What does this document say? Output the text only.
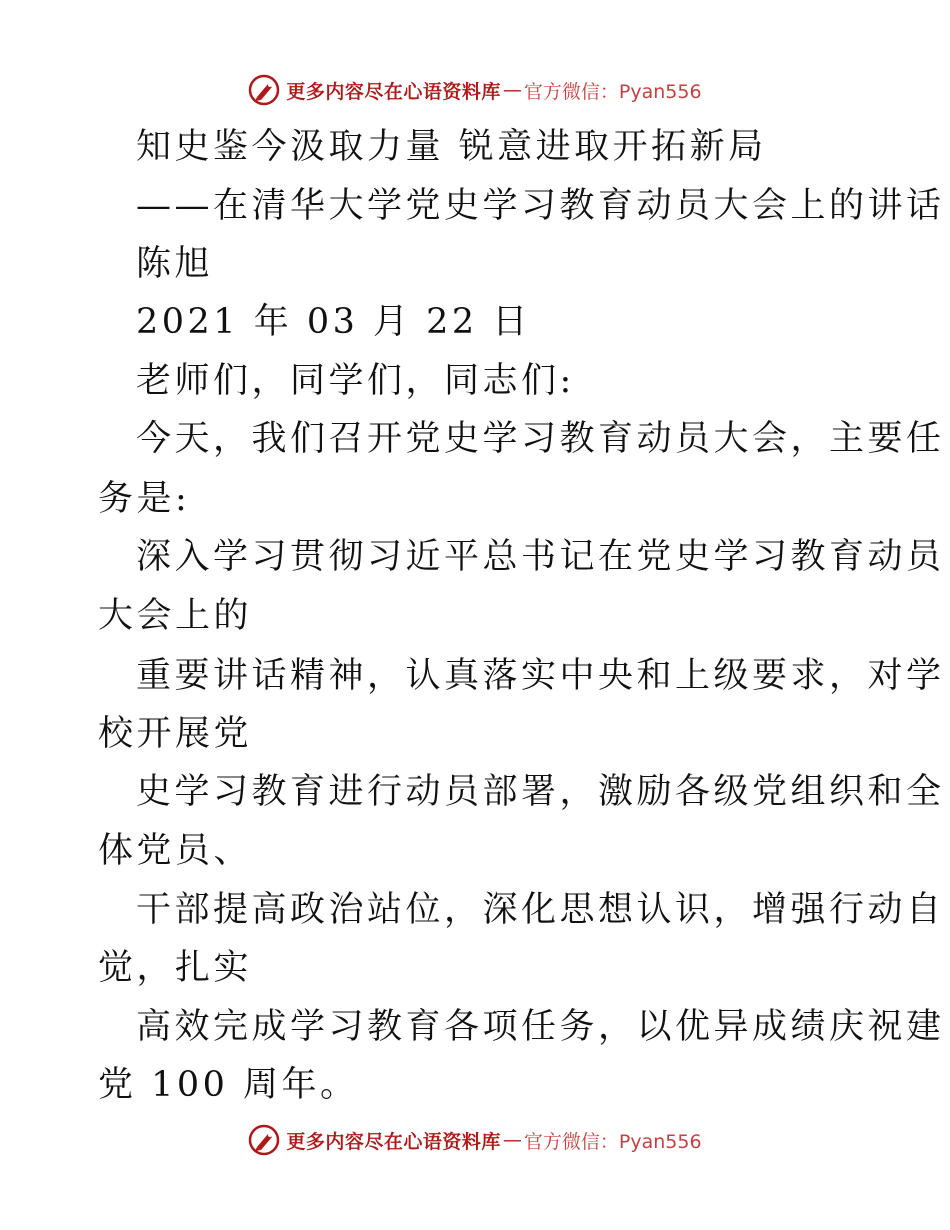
更多内容尽在心语资料库 — 官方微信：Pyan556
知史鉴今汲取力量 锐意进取开拓新局
——在清华大学党史学习教育动员大会上的讲话
陈旭
2021 年 03 月 22 日
老师们，同学们，同志们:
今天，我们召开党史学习教育动员大会，主要任
务是:
深入学习贯彻习近平总书记在党史学习教育动员
大会上的
重要讲话精神，认真落实中央和上级要求，对学
校开展党
史学习教育进行动员部署，激励各级党组织和全
体党员、
干部提高政治站位，深化思想认识，增强行动自
觉，扎实
高效完成学习教育各项任务，以优异成绩庆祝建
党 100 周年。
更多内容尽在心语资料库 — 官方微信：Pyan556
